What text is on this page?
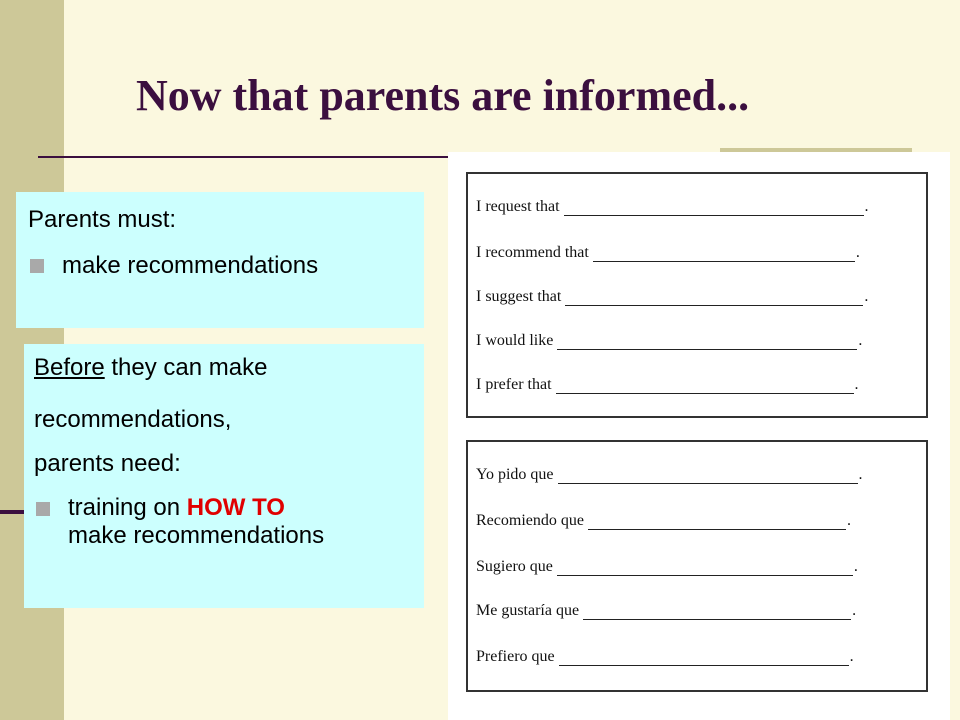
Now that parents are informed...
Parents must:
make recommendations
Before they can make
recommendations,
parents need:
training on HOW TO
make recommendations
I request that	.
I recommend that	.
I suggest that	.
I would like	.
I prefer that	.
Yo pido que	.
Recomiendo que	.
Sugiero que	.
Me gustaría que	.
Prefiero que	.
